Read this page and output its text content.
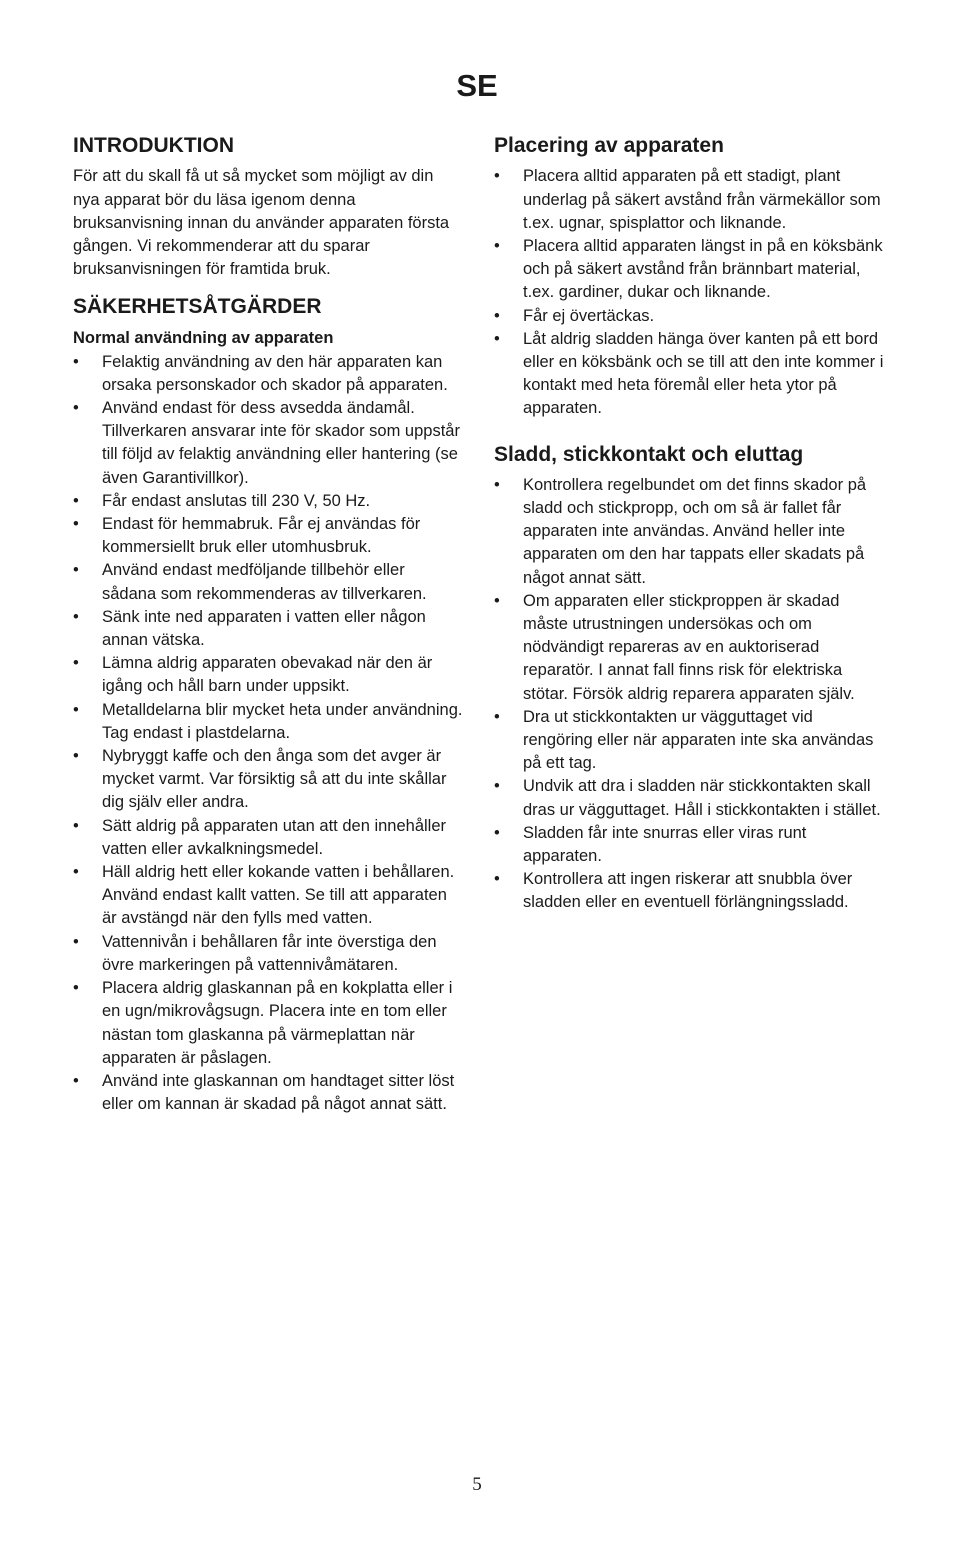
SE
INTRODUKTION

För att du skall få ut så mycket som möjligt av din nya apparat bör du läsa igenom denna bruksanvisning innan du använder apparaten första gången. Vi rekommenderar att du sparar bruksanvisningen för framtida bruk.

SÄKERHETSÅTGÄRDER
Normal användning av apparaten
• Felaktig användning av den här apparaten kan orsaka personskador och skador på apparaten.
• Använd endast för dess avsedda ändamål. Tillverkaren ansvarar inte för skador som uppstår till följd av felaktig användning eller hantering (se även Garantivillkor).
• Får endast anslutas till 230 V, 50 Hz.
• Endast för hemmabruk. Får ej användas för kommersiellt bruk eller utomhusbruk.
• Använd endast medföljande tillbehör eller sådana som rekommenderas av tillverkaren.
• Sänk inte ned apparaten i vatten eller någon annan vätska.
• Lämna aldrig apparaten obevakad när den är igång och håll barn under uppsikt.
• Metalldelarna blir mycket heta under användning. Tag endast i plastdelarna.
• Nybryggt kaffe och den ånga som det avger är mycket varmt. Var försiktig så att du inte skållar dig själv eller andra.
• Sätt aldrig på apparaten utan att den innehåller vatten eller avkalkningsmedel.
• Häll aldrig hett eller kokande vatten i behållaren. Använd endast kallt vatten. Se till att apparaten är avstängd när den fylls med vatten.
• Vattennivån i behållaren får inte överstiga den övre markeringen på vattennivåmätaren.
• Placera aldrig glaskannan på en kokplatta eller i en ugn/mikrovågsugn. Placera inte en tom eller nästan tom glaskanna på värmeplattan när apparaten är påslagen.
• Använd inte glaskannan om handtaget sitter löst eller om kannan är skadad på något annat sätt.
Placering av apparaten
• Placera alltid apparaten på ett stadigt, plant underlag på säkert avstånd från värmekällor som t.ex. ugnar, spisplattor och liknande.
• Placera alltid apparaten längst in på en köksbänk och på säkert avstånd från brännbart material, t.ex. gardiner, dukar och liknande.
• Får ej övertäckas.
• Låt aldrig sladden hänga över kanten på ett bord eller en köksbänk och se till att den inte kommer i kontakt med heta föremål eller heta ytor på apparaten.
Sladd, stickkontakt och eluttag
• Kontrollera regelbundet om det finns skador på sladd och stickpropp, och om så är fallet får apparaten inte användas. Använd heller inte apparaten om den har tappats eller skadats på något annat sätt.
• Om apparaten eller stickproppen är skadad måste utrustningen undersökas och om nödvändigt repareras av en auktoriserad reparatör. I annat fall finns risk för elektriska stötar. Försök aldrig reparera apparaten själv.
• Dra ut stickkontakten ur vägguttaget vid rengöring eller när apparaten inte ska användas på ett tag.
• Undvik att dra i sladden när stickkontakten skall dras ur vägguttaget. Håll i stickkontakten i stället.
• Sladden får inte snurras eller viras runt apparaten.
• Kontrollera att ingen riskerar att snubbla över sladden eller en eventuell förlängningssladd.
5
